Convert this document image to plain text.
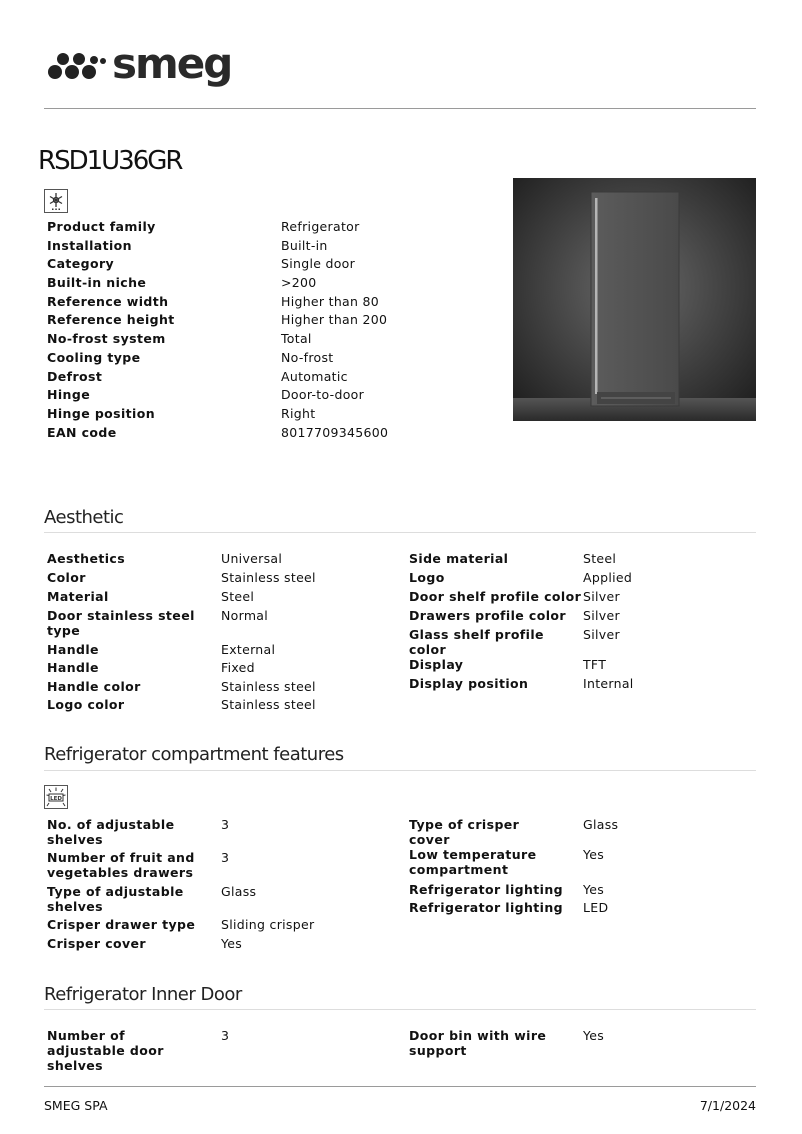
smeg
RSD1U36GR
Product family	Refrigerator
Installation	Built-in
Category	Single door
Built-in niche	>200
Reference width	Higher than 80
Reference height	Higher than 200
No-frost system	Total
Cooling type	No-frost
Defrost	Automatic
Hinge	Door-to-door
Hinge position	Right
EAN code	8017709345600
Aesthetic
Aesthetics	Universal
Color	Stainless steel
Material	Steel
Door stainless steel type	Normal
Handle	External
Handle	Fixed
Handle color	Stainless steel
Logo color	Stainless steel
Side material	Steel
Logo	Applied
Door shelf profile color	Silver
Drawers profile color	Silver
Glass shelf profile color	Silver
Display	TFT
Display position	Internal
Refrigerator compartment features
LED
No. of adjustable shelves	3
Number of fruit and vegetables drawers	3
Type of adjustable shelves	Glass
Crisper drawer type	Sliding crisper
Crisper cover	Yes
Type of crisper cover	Glass
Low temperature compartment	Yes
Refrigerator lighting	Yes
Refrigerator lighting	LED
Refrigerator Inner Door
Number of adjustable door shelves	3	Door bin with wire support	Yes
SMEG SPA	7/1/2024
